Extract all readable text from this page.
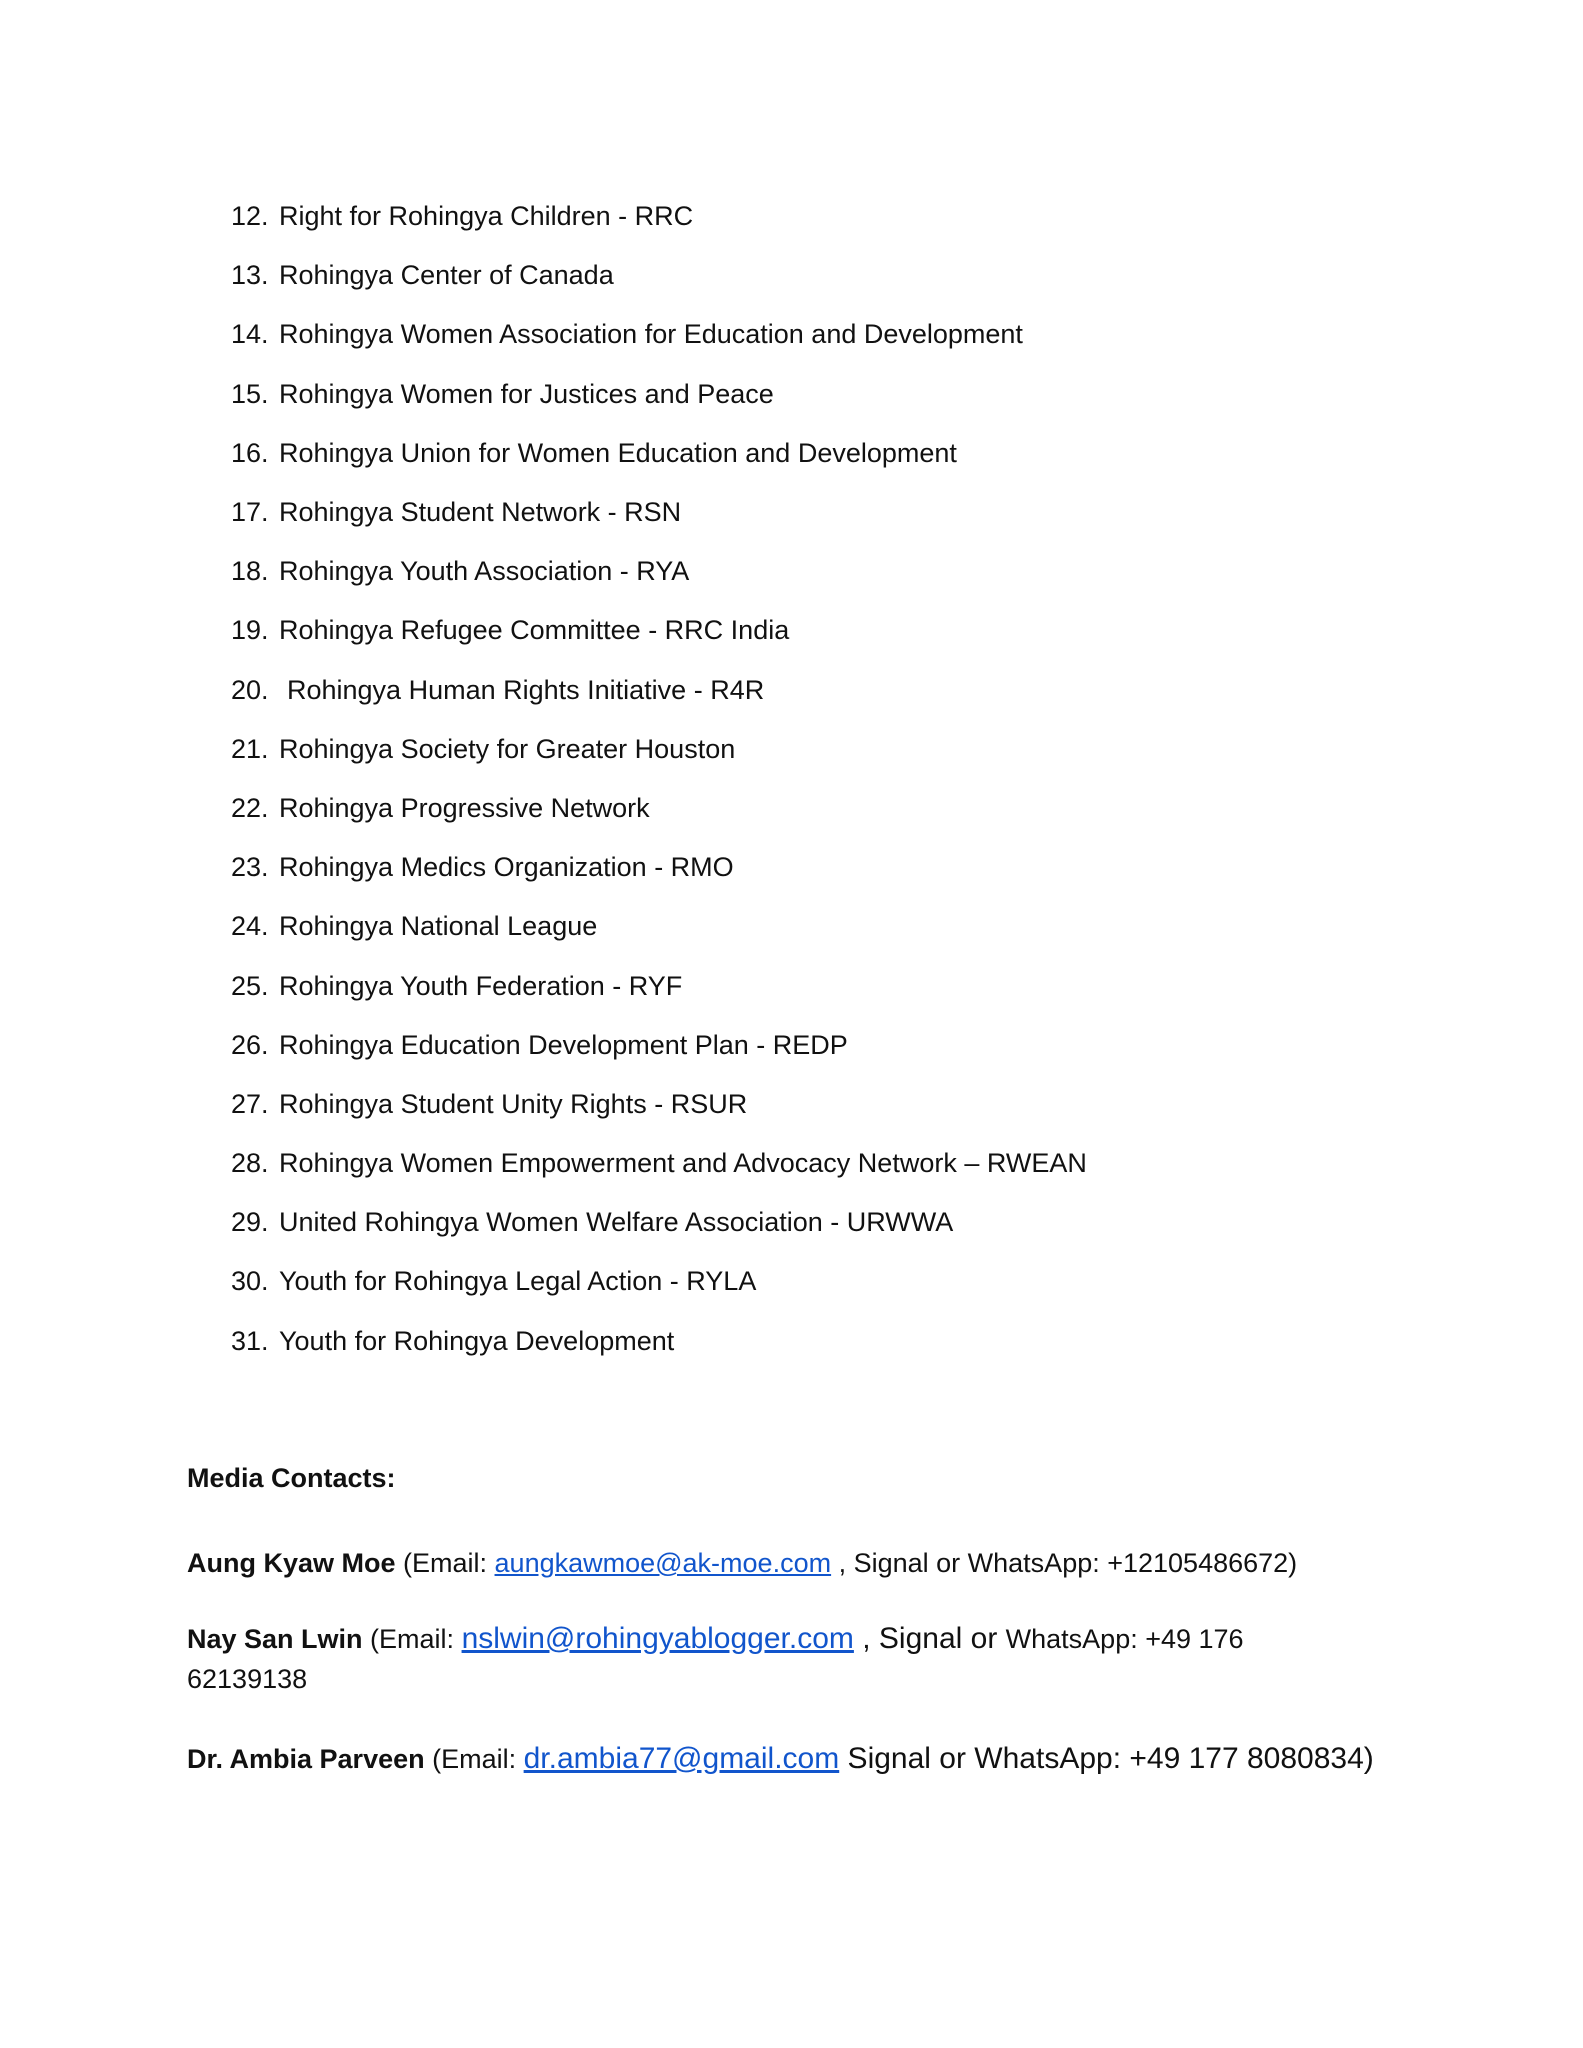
12. Right for Rohingya Children - RRC
13. Rohingya Center of Canada
14. Rohingya Women Association for Education and Development
15. Rohingya Women for Justices and Peace
16. Rohingya Union for Women Education and Development
17. Rohingya Student Network - RSN
18. Rohingya Youth Association - RYA
19. Rohingya Refugee Committee - RRC India
20. Rohingya Human Rights Initiative - R4R
21. Rohingya Society for Greater Houston
22. Rohingya Progressive Network
23. Rohingya Medics Organization - RMO
24. Rohingya National League
25. Rohingya Youth Federation - RYF
26. Rohingya Education Development Plan - REDP
27. Rohingya Student Unity Rights - RSUR
28. Rohingya Women Empowerment and Advocacy Network – RWEAN
29. United Rohingya Women Welfare Association - URWWA
30. Youth for Rohingya Legal Action - RYLA
31. Youth for Rohingya Development

Media Contacts:

Aung Kyaw Moe (Email: aungkawmoe@ak-moe.com , Signal or WhatsApp: +12105486672)

Nay San Lwin (Email: nslwin@rohingyablogger.com , Signal or WhatsApp: +49 176
62139138

Dr. Ambia Parveen (Email: dr.ambia77@gmail.com Signal or WhatsApp: +49 177 8080834)
